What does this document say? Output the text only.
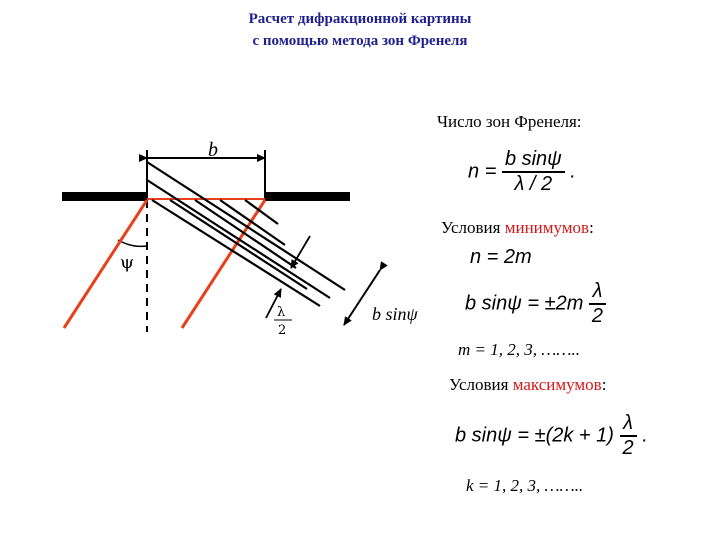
Расчет дифракционной картины
с помощью метода зон Френеля
b
ψ
b sinψ
λ
2
Число зон Френеля:
$n = \frac{\text{b sinψ}}{\lambda / 2}$ .
Условия минимумов:
n = 2m
b $\sin\psi = \pm 2m \frac{\lambda}{2}$
m = 1, 2, 3, ……..
Условия максимумов:
b $\sin\psi = \pm(2k + 1) \frac{\lambda}{2}$ .
k = 1, 2, 3, ……..
